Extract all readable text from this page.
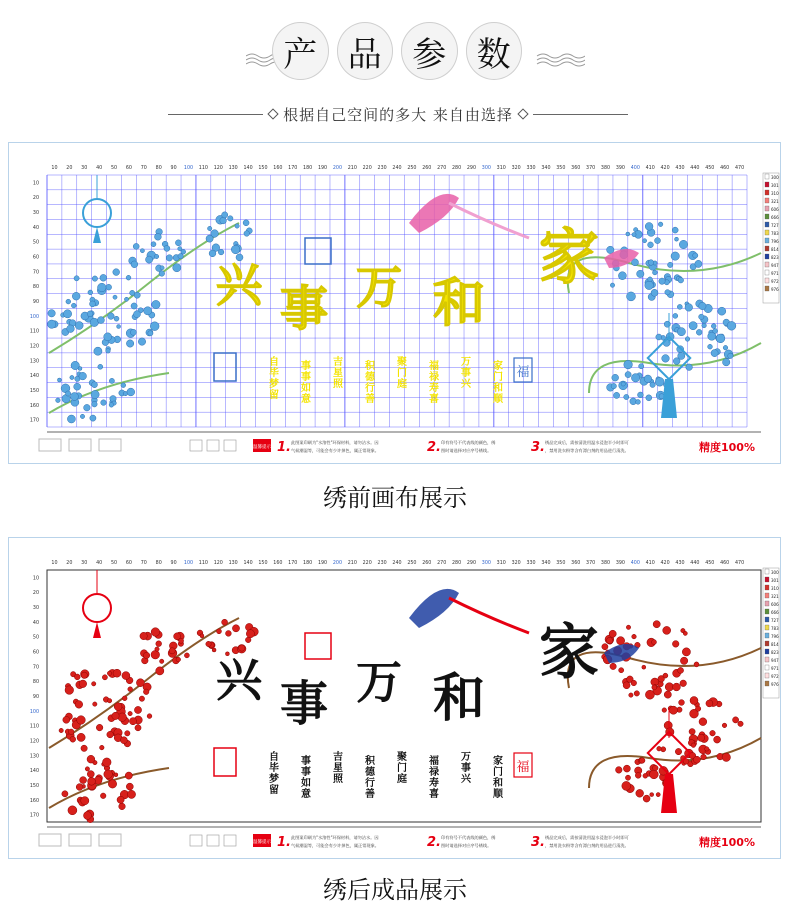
产 品 参 数
根据自己空间的多大 来自由选择
10 20 30 40 50 60 70 80 90 100 110 120 130 140 150 160 170 180 190 200 210 220 230 240 250 260 270 280 290 300 310 320 330 340 350 360 370 380 390 400 410 420 430 440 450 460 470
10
20
30
40
50
60
70
80
90
100
110
120
130
140
150
160
170
兴 事 万 和
家
福
自
毕
梦
留
事
事
如
意
吉
星
照
积
德
行
善
聚
门
庭
福
禄
寿
喜
万
事
兴
家
门
和
顺
300
301
310
321
606
666
727
783
796
814
823
947
971
972
976
温馨提示 1. 此图案印刷为"水溶性"环保材料，请勿沾水。因
气候潮湿等，可能会有少许掉色，属正常现象。	2. 印有符号不代表线的颜色，绣
图时请选择对应序号绣线。	3. 绣品完成后，需按清洗用温水浸泡半小时即可
，禁用洗衣粉等含有漂白剂的用品进行清洗。	精度100%
绣前画布展示
10 20 30 40 50 60 70 80 90 100 110 120 130 140 150 160 170 180 190 200 210 220 230 240 250 260 270 280 290 300 310 320 330 340 350 360 370 380 390 400 410 420 430 440 450 460 470
10
20
30
40
50
60
70
80
90
100
110
120
130
140
150
160
170
兴 事 万 和
家
福
自
毕
梦
留
事
事
如
意
吉
星
照
积
德
行
善
聚
门
庭
福
禄
寿
喜
万
事
兴
家
门
和
顺
300
301
310
321
606
666
727
783
796
814
823
947
971
972
976
温馨提示 1. 此图案印刷为"水溶性"环保材料，请勿沾水。因
气候潮湿等，可能会有少许掉色，属正常现象。	2. 印有符号不代表线的颜色，绣
图时请选择对应序号绣线。	3. 绣品完成后，需按清洗用温水浸泡半小时即可
，禁用洗衣粉等含有漂白剂的用品进行清洗。	精度100%
绣后成品展示
